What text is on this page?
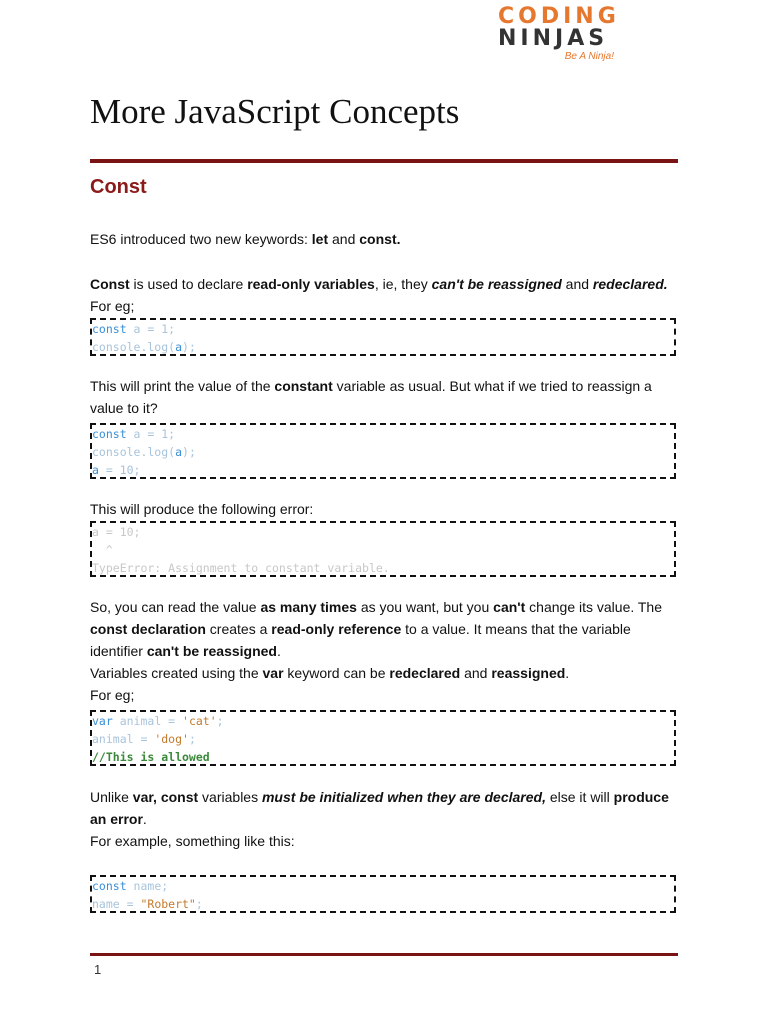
CODING
NINJAS
Be A Ninja!
More JavaScript Concepts
Const
ES6 introduced two new keywords: let and const.
Const is used to declare read-only variables, ie, they can't be reassigned and redeclared.
For eg;
const a = 1;
console.log(a);
This will print the value of the constant variable as usual. But what if we tried to reassign a value to it?
const a = 1;
console.log(a);
a = 10;
This will produce the following error:
a = 10;
^
TypeError: Assignment to constant variable.
So, you can read the value as many times as you want, but you can't change its value. The const declaration creates a read-only reference to a value. It means that the variable identifier can't be reassigned.
Variables created using the var keyword can be redeclared and reassigned.
For eg;
var animal = 'cat';
animal = 'dog';
//This is allowed
Unlike var, const variables must be initialized when they are declared, else it will produce an error.
For example, something like this:
const name;
name = "Robert";
1
